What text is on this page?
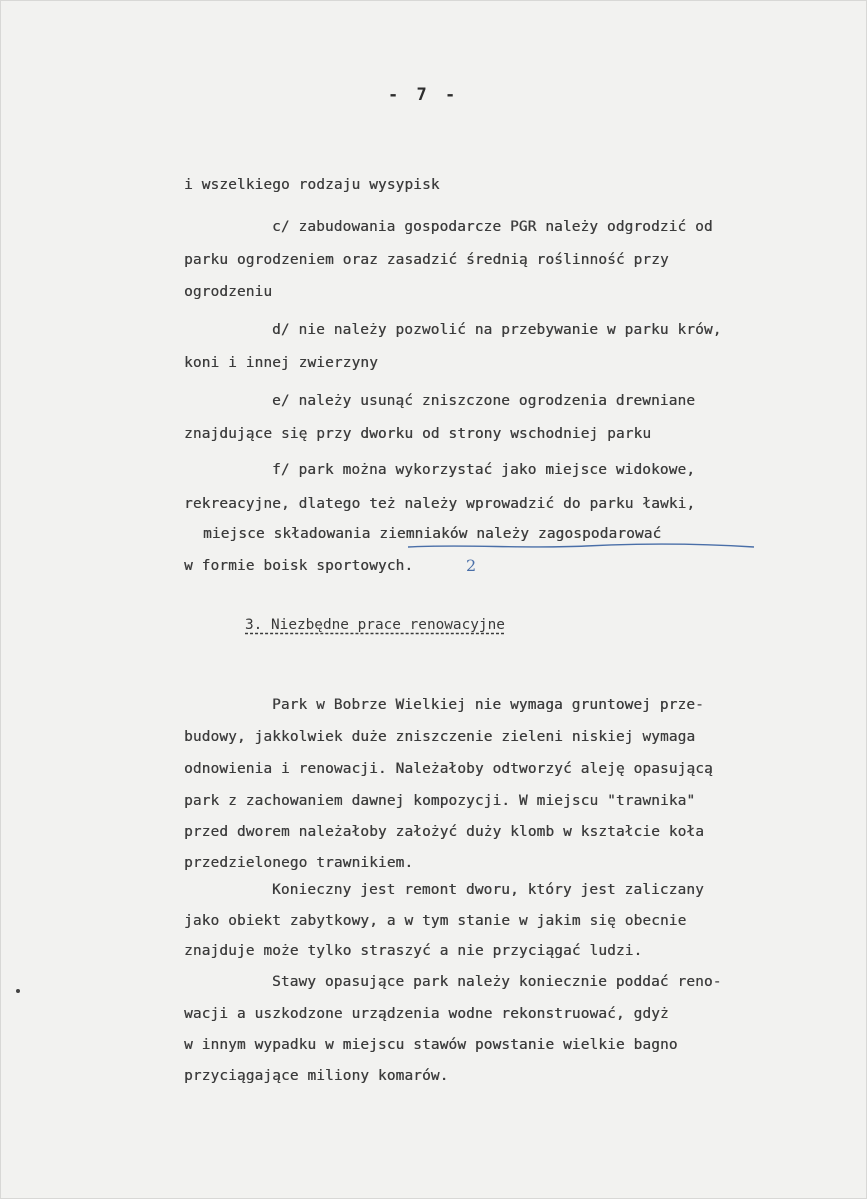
- 7 -
i wszelkiego rodzaju wysypisk
c/ zabudowania gospodarcze PGR należy odgrodzić od
parku ogrodzeniem oraz zasadzić średnią roślinność przy
ogrodzeniu
d/ nie należy pozwolić na przebywanie w parku krów,
koni i innej zwierzyny
e/ należy usunąć zniszczone ogrodzenia drewniane
znajdujące się przy dworku od strony wschodniej parku
f/ park można wykorzystać jako miejsce widokowe,
rekreacyjne, dlatego też należy wprowadzić do parku ławki,
miejsce składowania ziemniaków należy zagospodarować
w formie boisk sportowych.	2
3. Niezbędne prace renowacyjne
Park w Bobrze Wielkiej nie wymaga gruntowej prze-
budowy, jakkolwiek duże zniszczenie zieleni niskiej wymaga
odnowienia i renowacji. Należałoby odtworzyć aleję opasującą
park z zachowaniem dawnej kompozycji. W miejscu "trawnika"
przed dworem należałoby założyć duży klomb w kształcie koła
przedzielonego trawnikiem.
Konieczny jest remont dworu, który jest zaliczany
jako obiekt zabytkowy, a w tym stanie w jakim się obecnie
znajduje może tylko straszyć a nie przyciągać ludzi.
Stawy opasujące park należy koniecznie poddać reno-
wacji a uszkodzone urządzenia wodne rekonstruować, gdyż
w innym wypadku w miejscu stawów powstanie wielkie bagno
przyciągające miliony komarów.
